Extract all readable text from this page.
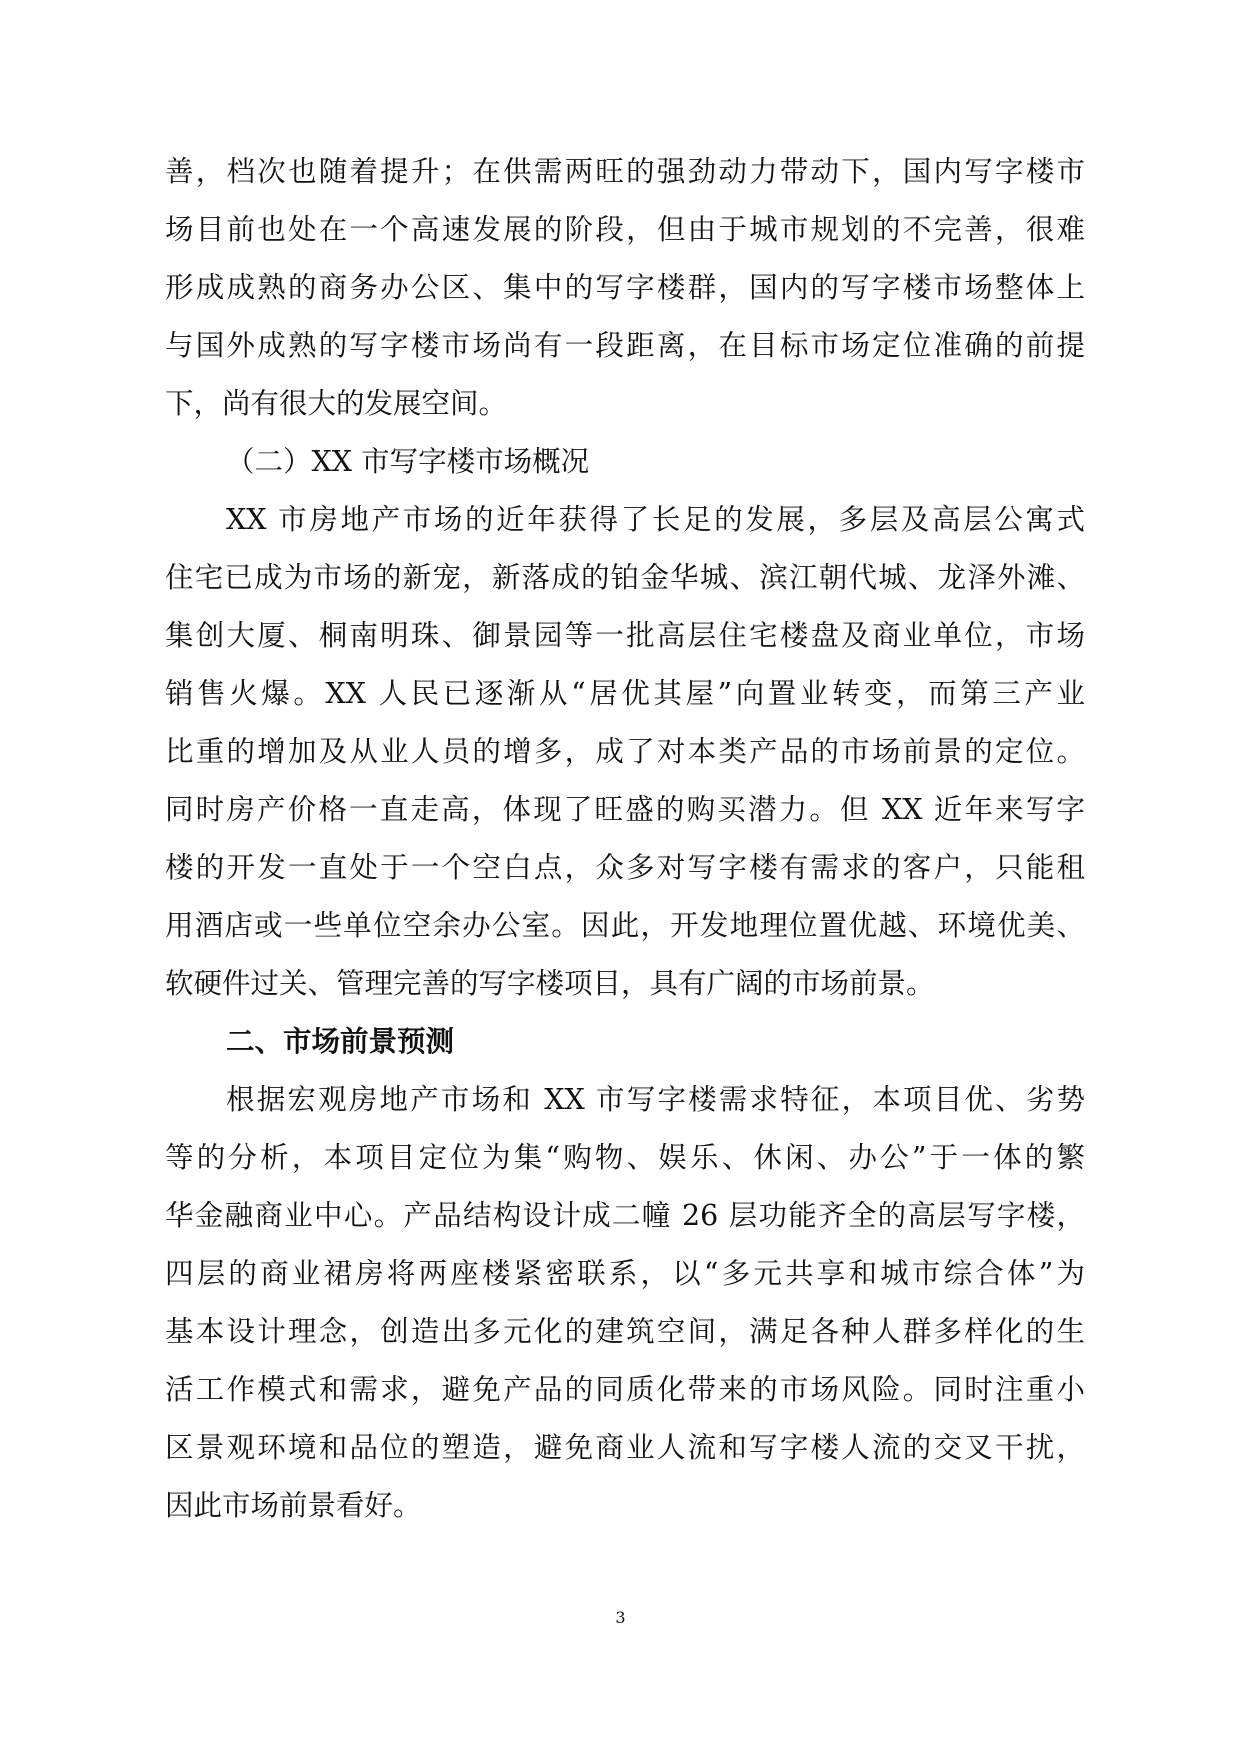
善，档次也随着提升；在供需两旺的强劲动力带动下，国内写字楼市
场目前也处在一个高速发展的阶段，但由于城市规划的不完善，很难
形成成熟的商务办公区、集中的写字楼群，国内的写字楼市场整体上
与国外成熟的写字楼市场尚有一段距离，在目标市场定位准确的前提
下，尚有很大的发展空间。
（二）XX 市写字楼市场概况
XX 市房地产市场的近年获得了长足的发展，多层及高层公寓式
住宅已成为市场的新宠，新落成的铂金华城、滨江朝代城、龙泽外滩、
集创大厦、桐南明珠、御景园等一批高层住宅楼盘及商业单位，市场
销售火爆。XX 人民已逐渐从“居优其屋”向置业转变，而第三产业
比重的增加及从业人员的增多，成了对本类产品的市场前景的定位。
同时房产价格一直走高，体现了旺盛的购买潜力。但 XX 近年来写字
楼的开发一直处于一个空白点，众多对写字楼有需求的客户，只能租
用酒店或一些单位空余办公室。因此，开发地理位置优越、环境优美、
软硬件过关、管理完善的写字楼项目，具有广阔的市场前景。
二、市场前景预测
根据宏观房地产市场和 XX 市写字楼需求特征，本项目优、劣势
等的分析，本项目定位为集“购物、娱乐、休闲、办公”于一体的繁
华金融商业中心。产品结构设计成二幢 26 层功能齐全的高层写字楼，
四层的商业裙房将两座楼紧密联系，以“多元共享和城市综合体”为
基本设计理念，创造出多元化的建筑空间，满足各种人群多样化的生
活工作模式和需求，避免产品的同质化带来的市场风险。同时注重小
区景观环境和品位的塑造，避免商业人流和写字楼人流的交叉干扰，
因此市场前景看好。
3
